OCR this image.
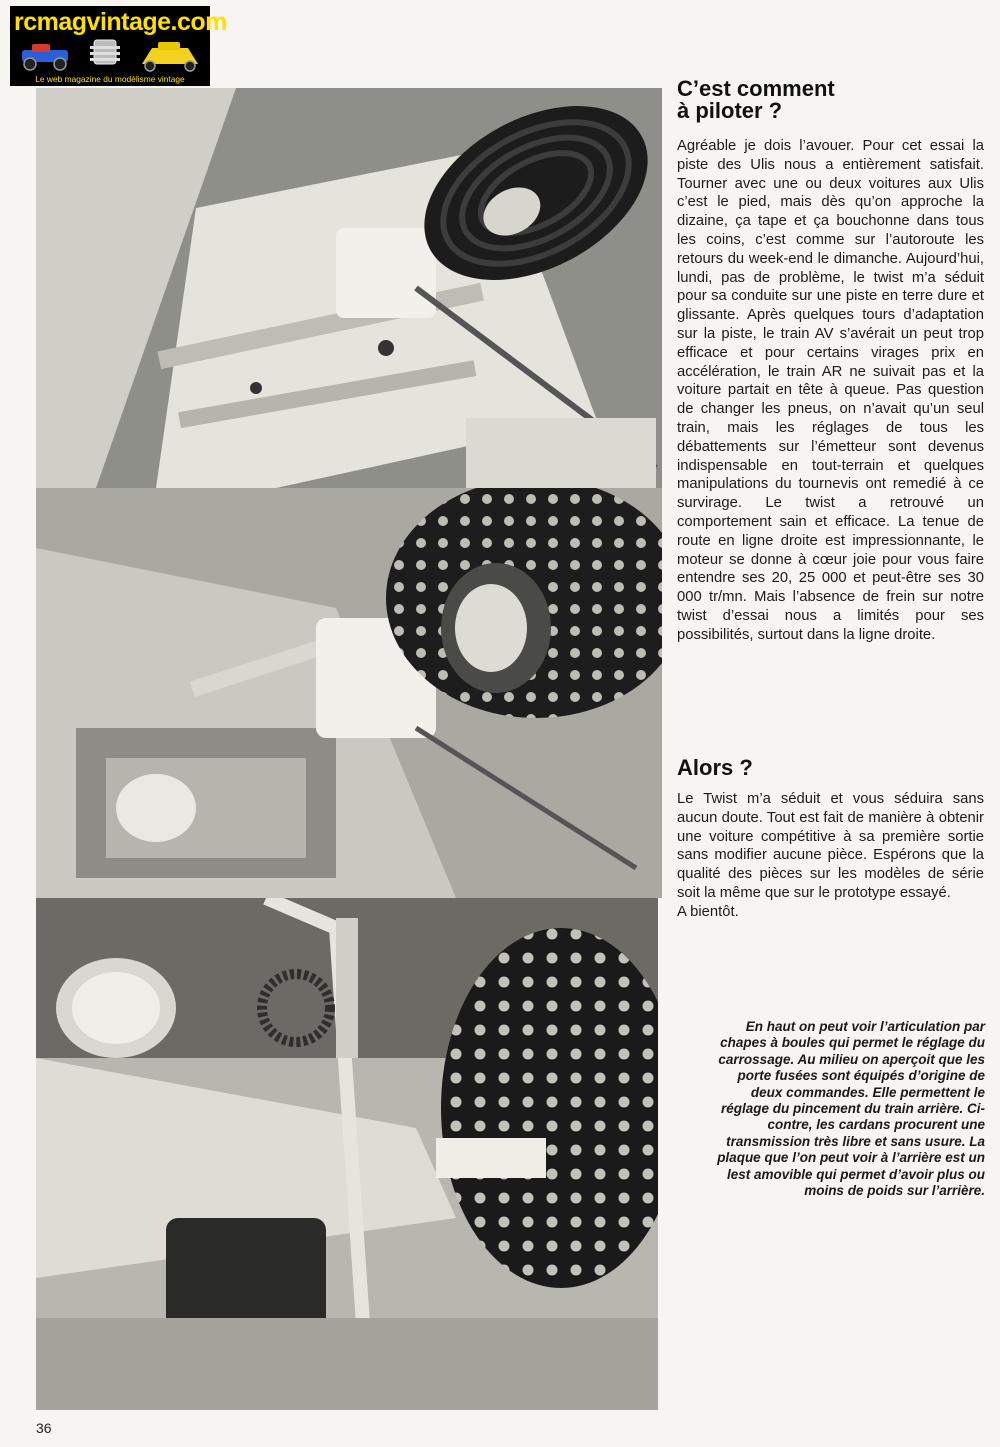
rcmagvintage.com
Le web magazine du modélisme vintage	C’est comment
à piloter ?

Agréable je dois l’avouer. Pour cet essai la piste des Ulis nous a entièrement satisfait. Tourner avec une ou deux voitures aux Ulis c’est le pied, mais dès qu’on approche la dizaine, ça tape et ça bouchonne dans tous les coins, c’est comme sur l’autoroute les retours du week-end le dimanche. Aujourd’hui, lundi, pas de problème, le twist m’a séduit pour sa conduite sur une piste en terre dure et glissante. Après quelques tours d’adaptation sur la piste, le train AV s’avérait un peut trop efficace et pour certains virages prix en accélération, le train AR ne suivait pas et la voiture partait en tête à queue. Pas question de changer les pneus, on n’avait qu’un seul train, mais les réglages de tous les débattements sur l’émetteur sont devenus indispensable en tout-terrain et quelques manipulations du tournevis ont remedié à ce survirage. Le twist a retrouvé un comportement sain et efficace. La tenue de route en ligne droite est impressionnante, le moteur se donne à cœur joie pour vous faire entendre ses 20, 25 000 et peut-être ses 30 000 tr/mn. Mais l’absence de frein sur notre twist d’essai nous a limités pour ses possibilités, surtout dans la ligne droite.

Alors ?

Le Twist m’a séduit et vous séduira sans aucun doute. Tout est fait de manière à obtenir une voiture compétitive à sa première sortie sans modifier aucune pièce. Espérons que la qualité des pièces sur les modèles de série soit la même que sur le prototype essayé.

A bientôt.

En haut on peut voir l’articulation par chapes à boules qui permet le réglage du carrossage. Au milieu on aperçoit que les porte fusées sont équipés d’origine de deux commandes. Elle permettent le réglage du pincement du train arrière. Ci-contre, les cardans procurent une transmission très libre et sans usure. La plaque que l’on peut voir à l’arrière est un lest amovible qui permet d’avoir plus ou moins de poids sur l’arrière.
36
